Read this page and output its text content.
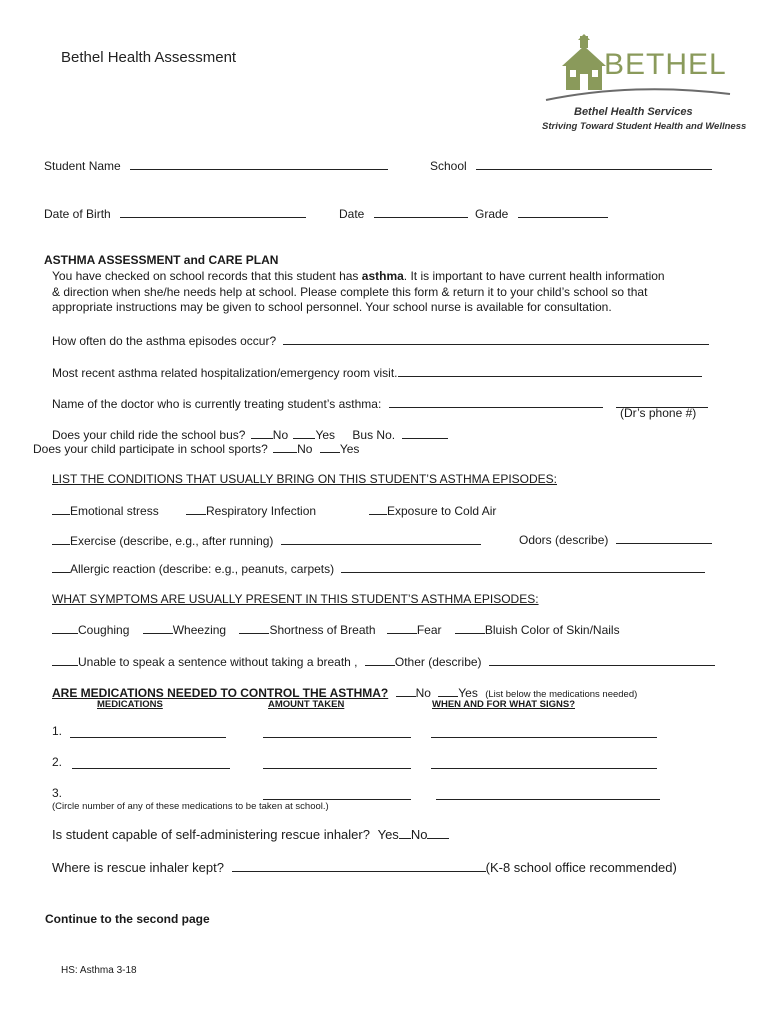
Bethel Health Assessment	BETHEL
Bethel Health Services
Striving Toward Student Health and Wellness
Student Name	School
Date of Birth	Date	Grade
ASTHMA ASSESSMENT and CARE PLAN
You have checked on school records that this student has asthma. It is important to have current health information
& direction when she/he needs help at school. Please complete this form & return it to your child’s school so that
appropriate instructions may be given to school personnel. Your school nurse is available for consultation.
How often do the asthma episodes occur?
Most recent asthma related hospitalization/emergency room visit.
Name of the doctor who is currently treating student’s asthma:
(Dr’s phone #)
Does your child ride the school bus? No Yes Bus No.
Does your child participate in school sports? No Yes
LIST THE CONDITIONS THAT USUALLY BRING ON THIS STUDENT’S ASTHMA EPISODES:
Emotional stress	Respiratory Infection	Exposure to Cold Air
Exercise (describe, e.g., after running)	Odors (describe)
Allergic reaction (describe: e.g., peanuts, carpets)
WHAT SYMPTOMS ARE USUALLY PRESENT IN THIS STUDENT’S ASTHMA EPISODES:
Coughing	Wheezing	Shortness of Breath	Fear	Bluish Color of Skin/Nails
Unable to speak a sentence without taking a breath ,	Other (describe)
ARE MEDICATIONS NEEDED TO CONTROL THE ASTHMA? No Yes (List below the medications needed)
MEDICATIONS	AMOUNT TAKEN	WHEN AND FOR WHAT SIGNS?
1.
2.
3.
(Circle number of any of these medications to be taken at school.)
Is student capable of self-administering rescue inhaler? Yes No
Where is rescue inhaler kept?	(K-8 school office recommended)
Continue to the second page
HS: Asthma 3-18
